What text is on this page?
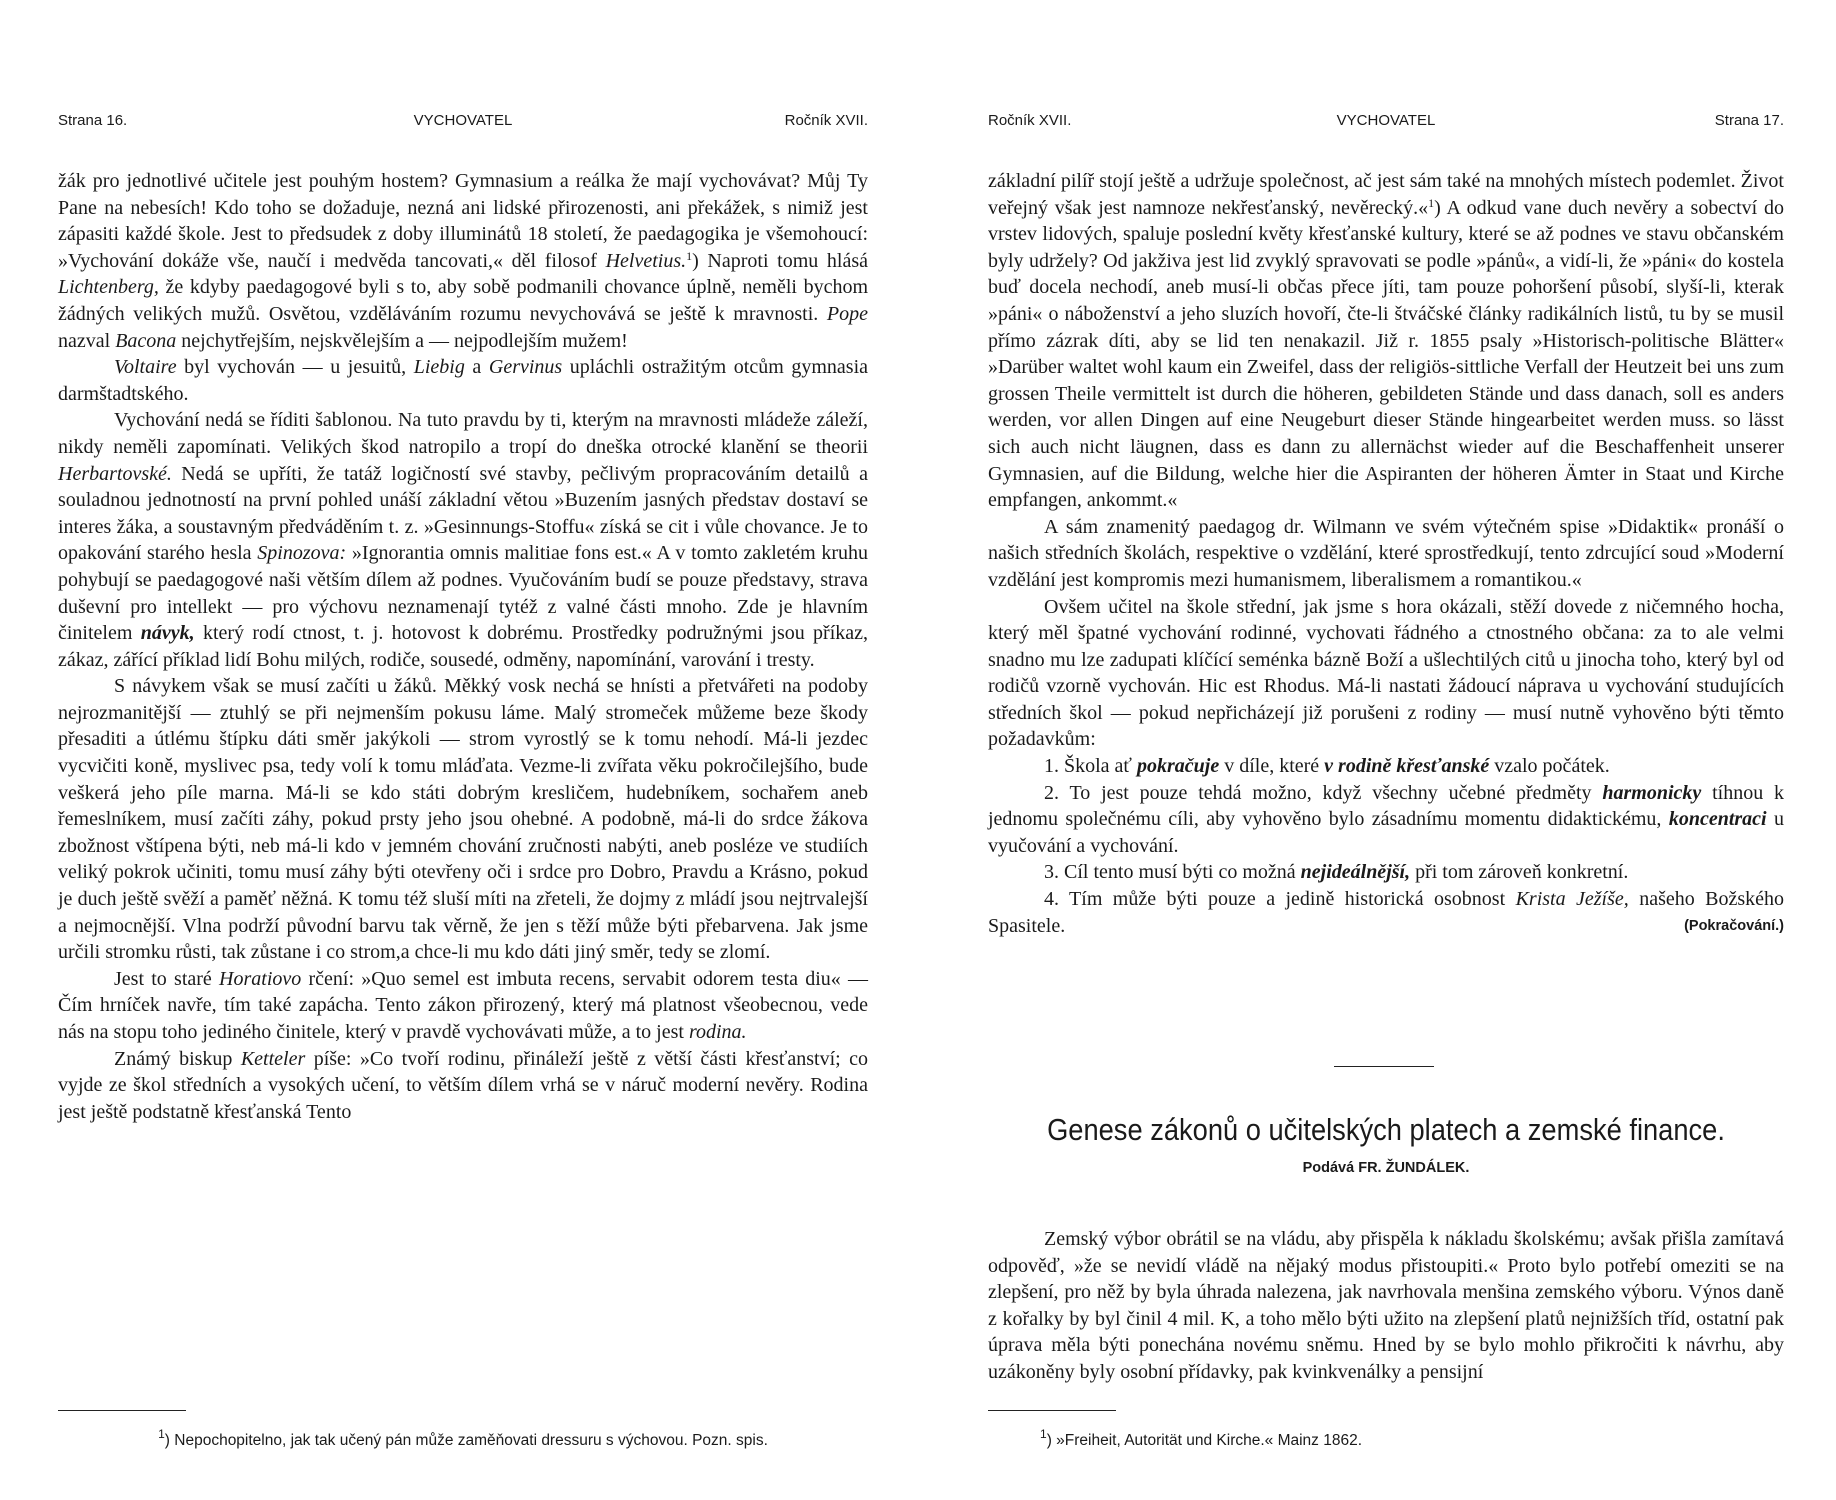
Strana 16.	VYCHOVATEL	Ročník XVII.

žák pro jednotlivé učitele jest pouhým hostem? Gymnasium a reálka že mají vychovávat? Můj Ty Pane na nebesích! Kdo toho se dožaduje, nezná ani lidské přirozenosti, ani překážek, s nimiž jest zápasiti každé škole. Jest to předsudek z doby illuminátů 18 století, že paedagogika je všemohoucí: »Vychování dokáže vše, naučí i medvěda tancovati,« děl filosof Helvetius.$^1$) Naproti tomu hlásá Lichtenberg, že kdyby paedagogové byli s to, aby sobě podmanili chovance úplně, neměli bychom žádných velikých mužů. Osvětou, vzděláváním rozumu nevychovává se ještě k mravnosti. Pope nazval Bacona nejchytřejším, nejskvělejším a — nejpodlejším mužem!

Voltaire byl vychován — u jesuitů, Liebig a Gervinus upláchli ostražitým otcům gymnasia darmštadtského.

Vychování nedá se říditi šablonou. Na tuto pravdu by ti, kterým na mravnosti mládeže záleží, nikdy neměli zapomínati. Velikých škod natropilo a tropí do dneška otrocké klanění se theorii Herbartovské. Nedá se upříti, že tatáž logičností své stavby, pečlivým propracováním detailů a souladnou jednotností na první pohled unáší základní větou »Buzením jasných představ dostaví se interes žáka, a soustavným předváděním t. z. »Gesinnungs-Stoffu« získá se cit i vůle chovance. Je to opakování starého hesla Spinozova: »Ignorantia omnis malitiae fons est.« A v tomto zakletém kruhu pohybují se paedagogové naši větším dílem až podnes. Vyučováním budí se pouze představy, strava duševní pro intellekt — pro výchovu neznamenají tytéž z valné části mnoho. Zde je hlavním činitelem návyk, který rodí ctnost, t. j. hotovost k dobrému. Prostředky podružnými jsou příkaz, zákaz, zářící příklad lidí Bohu milých, rodiče, sousedé, odměny, napomínání, varování i tresty.

S návykem však se musí začíti u žáků. Měkký vosk nechá se hnísti a přetvářeti na podoby nejrozmanitější — ztuhlý se při nejmenším pokusu láme. Malý stromeček můžeme beze škody přesaditi a útlému štípku dáti směr jakýkoli — strom vyrostlý se k tomu nehodí. Má-li jezdec vycvičiti koně, myslivec psa, tedy volí k tomu mláďata. Vezme-li zvířata věku pokročilejšího, bude veškerá jeho píle marna. Má-li se kdo státi dobrým kresličem, hudebníkem, sochařem aneb řemeslníkem, musí začíti záhy, pokud prsty jeho jsou ohebné. A podobně, má-li do srdce žákova zbožnost vštípena býti, neb má-li kdo v jemném chování zručnosti nabýti, aneb posléze ve studiích veliký pokrok učiniti, tomu musí záhy býti otevřeny oči i srdce pro Dobro, Pravdu a Krásno, pokud je duch ještě svěží a paměť něžná. K tomu též sluší míti na zřeteli, že dojmy z mládí jsou nejtrvalejší a nejmocnější. Vlna podrží původní barvu tak věrně, že jen s těží může býti přebarvena. Jak jsme určili stromku růsti, tak zůstane i co strom,a chce-li mu kdo dáti jiný směr, tedy se zlomí.

Jest to staré Horatiovo rčení: »Quo semel est imbuta recens, servabit odorem testa diu« — Čím hrníček navře, tím také zapácha. Tento zákon přirozený, který má platnost všeobecnou, vede nás na stopu toho jediného činitele, který v pravdě vychovávati může, a to jest rodina.

Známý biskup Ketteler píše: »Co tvoří rodinu, přináleží ještě z větší části křesťanství; co vyjde ze škol středních a vysokých učení, to větším dílem vrhá se v náruč moderní nevěry. Rodina jest ještě podstatně křesťanská Tento

$^1$) Nepochopitelno, jak tak učený pán může zaměňovati dressuru s výchovou. Pozn. spis.
Ročník XVII.	VYCHOVATEL	Strana 17.

základní pilíř stojí ještě a udržuje společnost, ač jest sám také na mnohých místech podemlet. Život veřejný však jest namnoze nekřesťanský, nevěrecký.«$^1$) A odkud vane duch nevěry a sobectví do vrstev lidových, spaluje poslední květy křesťanské kultury, které se až podnes ve stavu občanském byly udržely? Od jakživa jest lid zvyklý spravovati se podle »pánů«, a vidí-li, že »páni« do kostela buď docela nechodí, aneb musí-li občas přece jíti, tam pouze pohoršení působí, slyší-li, kterak »páni« o náboženství a jeho sluzích hovoří, čte-li štváčské články radikálních listů, tu by se musil přímo zázrak díti, aby se lid ten nenakazil. Již r. 1855 psaly »Historisch-politische Blätter« »Darüber waltet wohl kaum ein Zweifel, dass der religiös-sittliche Verfall der Heutzeit bei uns zum grossen Theile vermittelt ist durch die höheren, gebildeten Stände und dass danach, soll es anders werden, vor allen Dingen auf eine Neugeburt dieser Stände hingearbeitet werden muss. so lässt sich auch nicht läugnen, dass es dann zu allernächst wieder auf die Beschaffenheit unserer Gymnasien, auf die Bildung, welche hier die Aspiranten der höheren Ämter in Staat und Kirche empfangen, ankommt.«

A sám znamenitý paedagog dr. Wilmann ve svém výtečném spise »Didaktik« pronáší o našich středních školách, respektive o vzdělání, které sprostředkují, tento zdrcující soud »Moderní vzdělání jest kompromis mezi humanismem, liberalismem a romantikou.«

Ovšem učitel na škole střední, jak jsme s hora okázali, stěží dovede z ničemného hocha, který měl špatné vychování rodinné, vychovati řádného a ctnostného občana: za to ale velmi snadno mu lze zadupati klíčící seménka bázně Boží a ušlechtilých citů u jinocha toho, který byl od rodičů vzorně vychován. Hic est Rhodus. Má-li nastati žádoucí náprava u vychování studujících středních škol — pokud nepřicházejí již porušeni z rodiny — musí nutně vyhověno býti těmto požadavkům:

1. Škola ať pokračuje v díle, které v rodině křesťanské vzalo počátek.

2. To jest pouze tehdá možno, když všechny učebné předměty harmonicky tíhnou k jednomu společnému cíli, aby vyhověno bylo zásadnímu momentu didaktickému, koncentraci u vyučování a vychování.

3. Cíl tento musí býti co možná nejideálnější, při tom zároveň konkretní.

4. Tím může býti pouze a jedině historická osobnost Krista Ježíše, našeho Božského Spasitele.	(Pokračování.)

Genese zákonů o učitelských platech a zemské finance.
Podává FR. ŽUNDÁLEK.

Zemský výbor obrátil se na vládu, aby přispěla k nákladu školskému; avšak přišla zamítavá odpověď, »že se nevidí vládě na nějaký modus přistoupiti.« Proto bylo potřebí omeziti se na zlepšení, pro něž by byla úhrada nalezena, jak navrhovala menšina zemského výboru. Výnos daně z kořalky by byl činil 4 mil. K, a toho mělo býti užito na zlepšení platů nejnižších tříd, ostatní pak úprava měla býti ponechána novému sněmu. Hned by se bylo mohlo přikročiti k návrhu, aby uzákoněny byly osobní přídavky, pak kvinkvenálky a pensijní

$^1$) »Freiheit, Autorität und Kirche.« Mainz 1862.
